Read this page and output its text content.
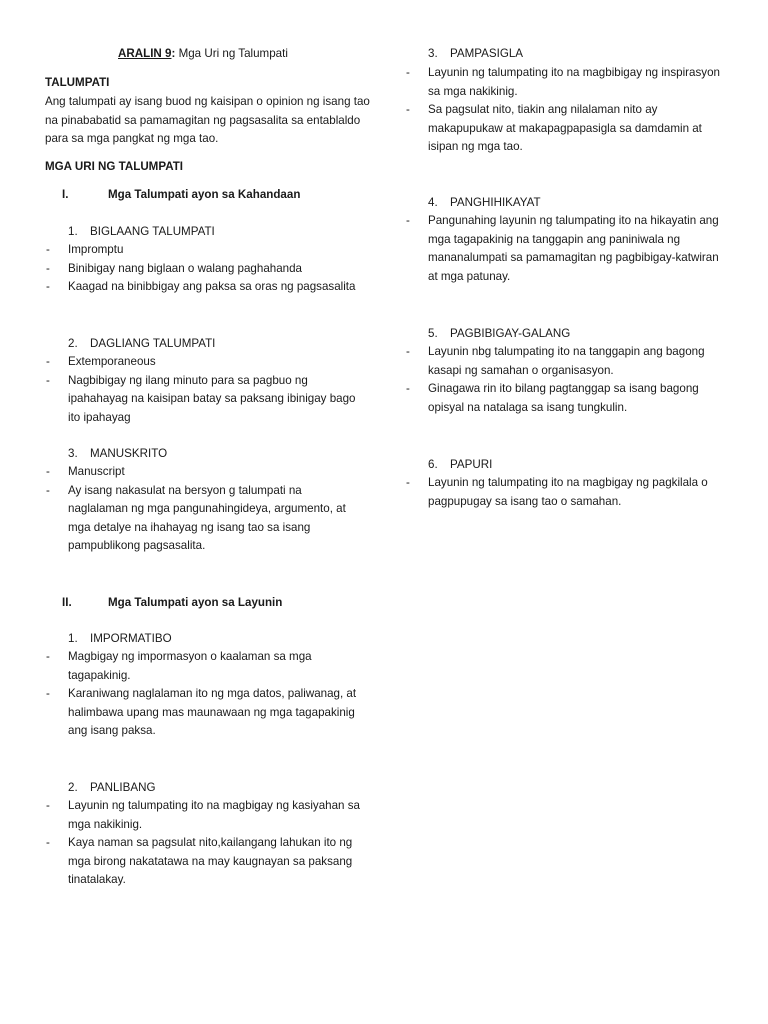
ARALIN 9: Mga Uri ng Talumpati
TALUMPATI
Ang talumpati ay isang buod ng kaisipan o opinion ng isang tao na pinababatid sa pamamagitan ng pagsasalita sa entablaldo para sa mga pangkat ng mga tao.
MGA URI NG TALUMPATI
I.	Mga Talumpati ayon sa Kahandaan
1. BIGLAANG TALUMPATI
- Impromptu
- Binibigay nang biglaan o walang paghahanda
- Kaagad na binibbigay ang paksa sa oras ng pagsasalita
2. DAGLIANG TALUMPATI
- Extemporaneous
- Nagbibigay ng ilang minuto para sa pagbuo ng ipahahayag na kaisipan batay sa paksang ibinigay bago ito ipahayag
3. MANUSKRITO
- Manuscript
- Ay isang nakasulat na bersyon g talumpati na naglalaman ng mga pangunahingideya, argumento, at mga detalye na ihahayag ng isang tao sa isang pampublikong pagsasalita.
II.	Mga Talumpati ayon sa Layunin
1. IMPORMATIBO
- Magbigay ng impormasyon o kaalaman sa mga tagapakinig.
- Karaniwang naglalaman ito ng mga datos, paliwanag, at halimbawa upang mas maunawaan ng mga tagapakinig ang isang paksa.
2. PANLIBANG
- Layunin ng talumpating ito na magbigay ng kasiyahan sa mga nakikinig.
- Kaya naman sa pagsulat nito,kailangang lahukan ito ng mga birong nakatatawa na may kaugnayan sa paksang tinatalakay.
3. PAMPASIGLA
- Layunin ng talumpating ito na magbibigay ng inspirasyon sa mga nakikinig.
- Sa pagsulat nito, tiakin ang nilalaman nito ay makapupukaw at makapagpapasigla sa damdamin at isipan ng mga tao.
4. PANGHIHIKAYAT
- Pangunahing layunin ng talumpating ito na hikayatin ang mga tagapakinig na tanggapin ang paniniwala ng mananalumpati sa pamamagitan ng pagbibigay-katwiran at mga patunay.
5. PAGBIBIGAY-GALANG
- Layunin nbg talumpating ito na tanggapin ang bagong kasapi ng samahan o organisasyon.
- Ginagawa rin ito bilang pagtanggap sa isang bagong opisyal na natalaga sa isang tungkulin.
6. PAPURI
- Layunin ng talumpating ito na magbigay ng pagkilala o pagpupugay sa isang tao o samahan.
